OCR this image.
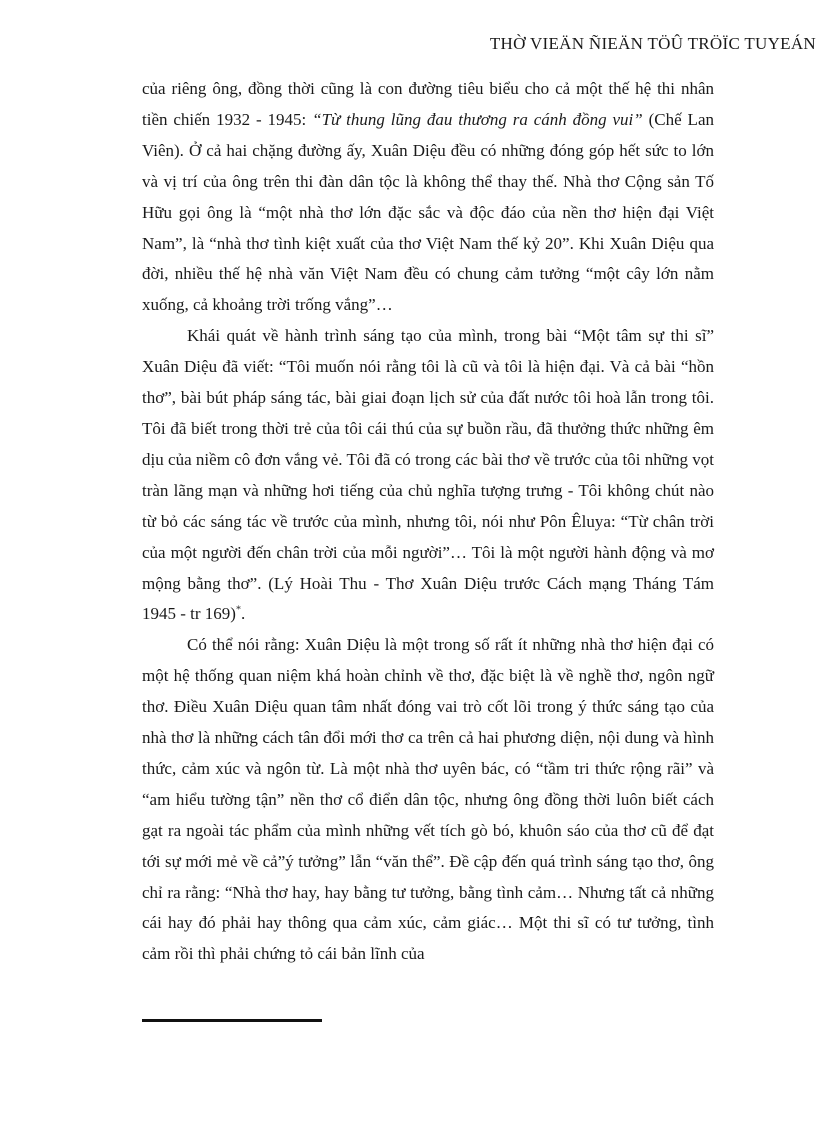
THỜ VIEÄN ÑIEÄN TÖÛ TRÖÏC TUYEÁN

của riêng ông, đồng thời cũng là con đường tiêu biểu cho cả một thế hệ thi nhân tiền chiến 1932 - 1945: “Từ thung lũng đau thương ra cánh đồng vui” (Chế Lan Viên). Ở cả hai chặng đường ấy, Xuân Diệu đều có những đóng góp hết sức to lớn và vị trí của ông trên thi đàn dân tộc là không thể thay thế. Nhà thơ Cộng sản Tố Hữu gọi ông là “một nhà thơ lớn đặc sắc và độc đáo của nền thơ hiện đại Việt Nam”, là “nhà thơ tình kiệt xuất của thơ Việt Nam thế kỷ 20”. Khi Xuân Diệu qua đời, nhiều thế hệ nhà văn Việt Nam đều có chung cảm tưởng “một cây lớn nằm xuống, cả khoảng trời trống vắng”…

Khái quát về hành trình sáng tạo của mình, trong bài “Một tâm sự thi sĩ” Xuân Diệu đã viết: “Tôi muốn nói rằng tôi là cũ và tôi là hiện đại. Và cả bài “hồn thơ”, bài bút pháp sáng tác, bài giai đoạn lịch sử của đất nước tôi hoà lẫn trong tôi. Tôi đã biết trong thời trẻ của tôi cái thú của sự buồn rầu, đã thưởng thức những êm dịu của niềm cô đơn vắng vẻ. Tôi đã có trong các bài thơ về trước của tôi những vọt tràn lãng mạn và những hơi tiếng của chủ nghĩa tượng trưng - Tôi không chút nào từ bỏ các sáng tác về trước của mình, nhưng tôi, nói như Pôn Êluya: “Từ chân trời của một người đến chân trời của mỗi người”… Tôi là một người hành động và mơ mộng bằng thơ”. (Lý Hoài Thu - Thơ Xuân Diệu trước Cách mạng Tháng Tám 1945 - tr 169)*.

Có thể nói rằng: Xuân Diệu là một trong số rất ít những nhà thơ hiện đại có một hệ thống quan niệm khá hoàn chỉnh về thơ, đặc biệt là về nghề thơ, ngôn ngữ thơ. Điều Xuân Diệu quan tâm nhất đóng vai trò cốt lõi trong ý thức sáng tạo của nhà thơ là những cách tân đổi mới thơ ca trên cả hai phương diện, nội dung và hình thức, cảm xúc và ngôn từ. Là một nhà thơ uyên bác, có “tầm tri thức rộng rãi” và “am hiểu tường tận” nền thơ cổ điển dân tộc, nhưng ông đồng thời luôn biết cách gạt ra ngoài tác phẩm của mình những vết tích gò bó, khuôn sáo của thơ cũ để đạt tới sự mới mẻ về cả”ý tưởng” lẫn “văn thể”. Đề cập đến quá trình sáng tạo thơ, ông chỉ ra rằng: “Nhà thơ hay, hay bằng tư tưởng, bằng tình cảm… Nhưng tất cả những cái hay đó phải hay thông qua cảm xúc, cảm giác… Một thi sĩ có tư tưởng, tình cảm rồi thì phải chứng tỏ cái bản lĩnh của
